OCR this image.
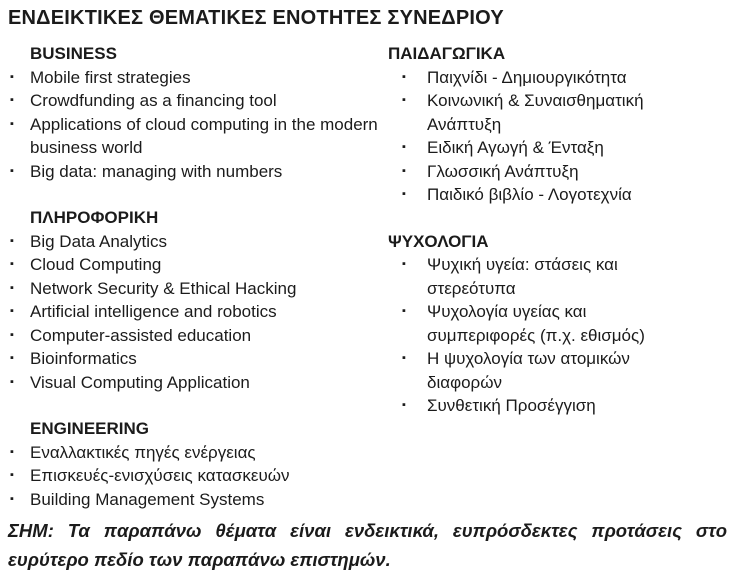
ΕΝΔΕΙΚΤΙΚΕΣ ΘΕΜΑΤΙΚΕΣ ΕΝΟΤΗΤΕΣ ΣΥΝΕΔΡΙΟΥ
BUSINESS
▪ Mobile first strategies
▪ Crowdfunding as a financing tool
▪ Applications of cloud computing in the modern business world
▪ Big data: managing with numbers
ΠΛΗΡΟΦΟΡΙΚΗ
▪ Big Data Analytics
▪ Cloud Computing
▪ Network Security & Ethical Hacking
▪ Artificial intelligence and robotics
▪ Computer-assisted education
▪ Bioinformatics
▪ Visual Computing Application
ENGINEERING
▪ Εναλλακτικές πηγές ενέργειας
▪ Επισκευές-ενισχύσεις κατασκευών
▪ Building Management Systems
ΠΑΙΔΑΓΩΓΙΚΑ
▪	Παιχνίδι - Δημιουργικότητα
▪	Κοινωνική & Συναισθηματική Ανάπτυξη
▪	Ειδική Αγωγή & Ένταξη
▪	Γλωσσική Ανάπτυξη
▪	Παιδικό βιβλίο - Λογοτεχνία
ΨΥΧΟΛΟΓΙΑ
▪	Ψυχική υγεία: στάσεις και στερεότυπα
▪	Ψυχολογία υγείας και συμπεριφορές (π.χ. εθισμός)
▪	Η ψυχολογία των ατομικών διαφορών
▪	Συνθετική Προσέγγιση
ΣΗΜ: Τα παραπάνω θέματα είναι ενδεικτικά, ευπρόσδεκτες προτάσεις στο
ευρύτερο πεδίο των παραπάνω επιστημών.
